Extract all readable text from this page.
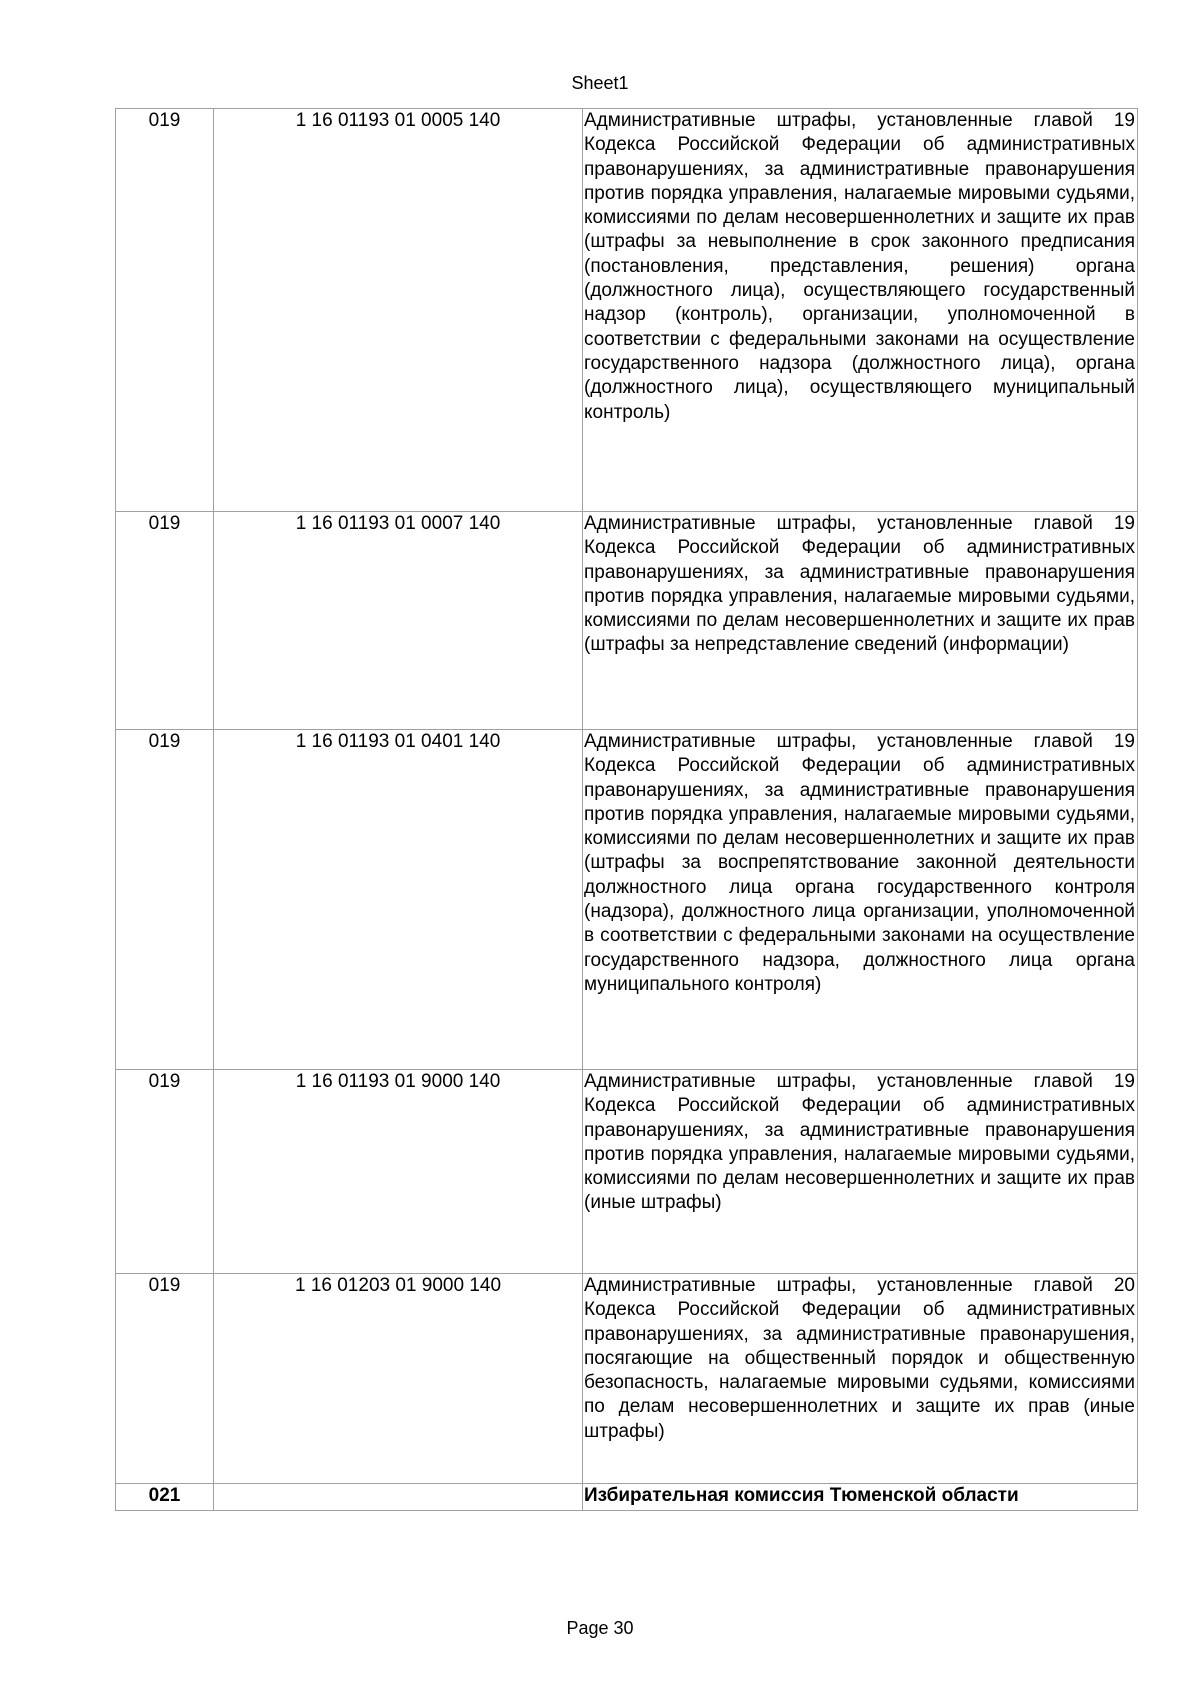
Sheet1
019	1 16 01193 01 0005 140	Административные штрафы, установленные главой 19 Кодекса Российской Федерации об административных правонарушениях, за административные правонарушения против порядка управления, налагаемые мировыми судьями, комиссиями по делам несовершеннолетних и защите их прав (штрафы за невыполнение в срок законного предписания (постановления, представления, решения) органа (должностного лица), осуществляющего государственный надзор (контроль), организации, уполномоченной в соответствии с федеральными законами на осуществление государственного надзора (должностного лица), органа (должностного лица), осуществляющего муниципальный контроль)

019	1 16 01193 01 0007 140	Административные штрафы, установленные главой 19 Кодекса Российской Федерации об административных правонарушениях, за административные правонарушения против порядка управления, налагаемые мировыми судьями, комиссиями по делам несовершеннолетних и защите их прав (штрафы за непредставление сведений (информации)

019	1 16 01193 01 0401 140	Административные штрафы, установленные главой 19 Кодекса Российской Федерации об административных правонарушениях, за административные правонарушения против порядка управления, налагаемые мировыми судьями, комиссиями по делам несовершеннолетних и защите их прав (штрафы за воспрепятствование законной деятельности должностного лица органа государственного контроля (надзора), должностного лица организации, уполномоченной в соответствии с федеральными законами на осуществление государственного надзора, должностного лица органа муниципального контроля)

019	1 16 01193 01 9000 140	Административные штрафы, установленные главой 19 Кодекса Российской Федерации об административных правонарушениях, за административные правонарушения против порядка управления, налагаемые мировыми судьями, комиссиями по делам несовершеннолетних и защите их прав (иные штрафы)

019	1 16 01203 01 9000 140	Административные штрафы, установленные главой 20 Кодекса Российской Федерации об административных правонарушениях, за административные правонарушения, посягающие на общественный порядок и общественную безопасность, налагаемые мировыми судьями, комиссиями по делам несовершеннолетних и защите их прав (иные штрафы)

021		Избирательная комиссия Тюменской области
Page 30
